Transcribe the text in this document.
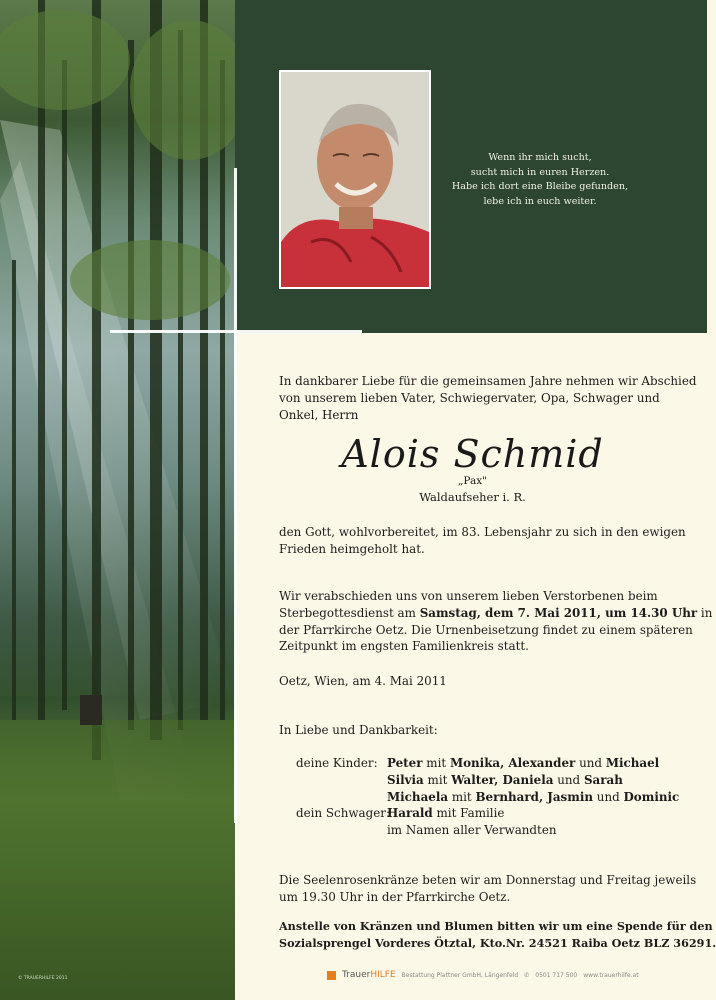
© TRAUERHILFE 2011
Wenn ihr mich sucht,
sucht mich in euren Herzen.
Habe ich dort eine Bleibe gefunden,
lebe ich in euch weiter.
In dankbarer Liebe für die gemeinsamen Jahre nehmen wir Abschied
von unserem lieben Vater, Schwiegervater, Opa, Schwager und
Onkel, Herrn
Alois Schmid
„Pax"
Waldaufseher i. R.
den Gott, wohlvorbereitet, im 83. Lebensjahr zu sich in den ewigen
Frieden heimgeholt hat.
Wir verabschieden uns von unserem lieben Verstorbenen beim
Sterbegottesdienst am Samstag, dem 7. Mai 2011, um 14.30 Uhr in
der Pfarrkirche Oetz. Die Urnenbeisetzung findet zu einem späteren
Zeitpunkt im engsten Familienkreis statt.
Oetz, Wien, am 4. Mai 2011
In Liebe und Dankbarkeit:
deine Kinder: Peter mit Monika, Alexander und Michael
Silvia mit Walter, Daniela und Sarah
Michaela mit Bernhard, Jasmin und Dominic
dein Schwager:
Harald mit Familie
im Namen aller Verwandten
Die Seelenrosenkränze beten wir am Donnerstag und Freitag jeweils
um 19.30 Uhr in der Pfarrkirche Oetz.
Anstelle von Kränzen und Blumen bitten wir um eine Spende für den
Sozialsprengel Vorderes Ötztal, Kto.Nr. 24521 Raiba Oetz BLZ 36291.
TrauerHILFE Bestattung Plattner GmbH, Längenfeld ✆ 0501 717 500 www.trauerhilfe.at
